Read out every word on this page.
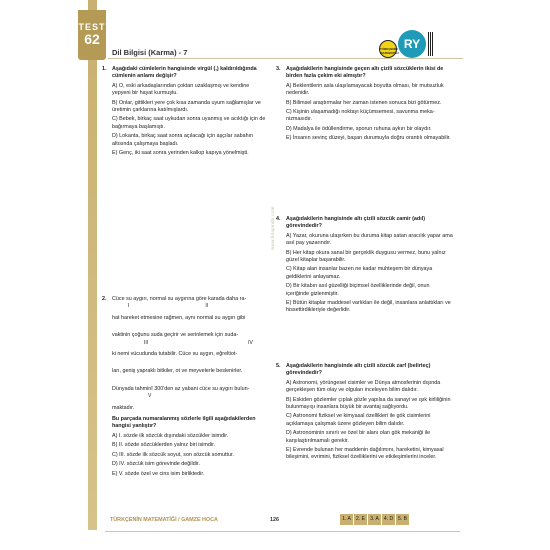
TEST
62
Dil Bilgisi (Karma) - 7	TÜRKÇENİN MATEMATİĞİ
RY
www.kitapindir.com
1. Aşağıdaki cümlelerin hangisinde virgül (,) kaldırıldığında cümlenin anlamı değişir?
A) O, eski arkadaşlarından çoktan uzaklaşmış ve kendine yepyeni bir hayat kurmuştu.
B) Onlar, gittikleri yere çok kısa zamanda uyum sağlamışlar ve üretimin çarklarına katılmışlardı.
C) Bebek, birkaç saat uykudan sonra uyanmış ve acıktığı için de bağırmaya başlamıştı.
D) Lokanta, birkaç saat sonra açılacağı için aşçılar sabahın altısında çalışmaya başladı.
E) Genç, iki saat sonra yerinden kalkıp kapıya yönelmişti.
2. Cüce su aygırı, normal su aygırına göre karada daha ra-
I	II
hat hareket etmesine rağmen, aynı normal su aygırı gibi
vaktinin çoğunu suda geçirir ve serinlemek için suda-
III	IV
ki nemi vücudunda tutabilir. Cüce su aygırı, eğreltiot-
ları, geniş yapraklı bitkiler, ot ve meyvelerle beslenirler.
Dünyada tahminî 300'den az yabani cüce su aygırı bulun-
V
maktadır.
Bu parçada numaralanmış sözlerle ilgili aşağıdakilerden hangisi yanlıştır?
A) I. sözde ilk sözcük dışındaki sözcükler isimdir.
B) II. sözde sözcüklerden yalnız biri isimdir.
C) III. sözde ilk sözcük soyut, son sözcük somuttur.
D) IV. sözcük isim görevinde değildir.
E) V. sözde özel ve cins isim birliktedir.
3. Aşağıdakilerin hangisinde geçen altı çizili sözcüklerin ikisi de birden fazla çekim eki almıştır?
A) Beklentilerin asla ulaşılamayacak boyutta olması, bir mutsuzluk nedenidir.
B) Bilimsel araştırmalar her zaman istenen sonuca bizi götürmez.
C) Kişinin ulaşamadığı noktayı küçümsemesi, savunma mekanizmasıdır.
D) Madalya ile ödüllendirme, sporun ruhuna aykırı bir olaydır.
E) İnsanın sevinç düzeyi, başarı durumuyla doğru orantılı olmayabilir.
4. Aşağıdakilerin hangisinde altı çizili sözcük zamir (adıl) görevindedir?
A) Yazar, okuruna ulaşırken bu duruma kitap satan aracılık yapar ama asıl pay yazarındır.
B) Her kitap okura sanal bir gerçeklik duygusu vermez, bunu yalnız güzel kitaplar başarabilir.
C) Kitap alan insanlar bazen ne kadar muhteşem bir dünyaya geldiklerini anlayamaz.
D) Bir kitabın asıl güzelliği biçimsel özelliklerinde değil, onun içeriğinde gizlenmiştir.
E) Bütün kitaplar maddesel varlıkları ile değil, insanlara anlattıkları ve hissettirdikleriyle değerlidir.
5. Aşağıdakilerin hangisinde altı çizili sözcük zarf (belirteç) görevindedir?
A) Astronomi, yörüngesel cisimler ve Dünya atmosferinin dışında gerçekleşen tüm olay ve olguları inceleyen bilim dalıdır.
B) Eskiden gözlemler çıplak gözle yapılsa da sanayi ve ışık kirliliğinin bulunmayışı insanlara büyük bir avantaj sağlıyordu.
C) Astronomi fiziksel ve kimyasal özellikleri ile gök cisimlerini açıklamaya çalışmak üzere gözleyen bilim dalıdır.
D) Astronominin sınırlı ve özel bir alanı olan gök mekaniği ile karşılaştırılmamalı gerekir.
E) Evrende bulunan her maddenin dağılımını, hareketini, kimyasal bileşimini, evrimini, fiziksel özelliklerini ve etkileşimlerini inceler.
TÜRKÇENİN MATEMATİĞİ / GAMZE HOCA	126	1. A	2. E	3. A	4. D 5. B
